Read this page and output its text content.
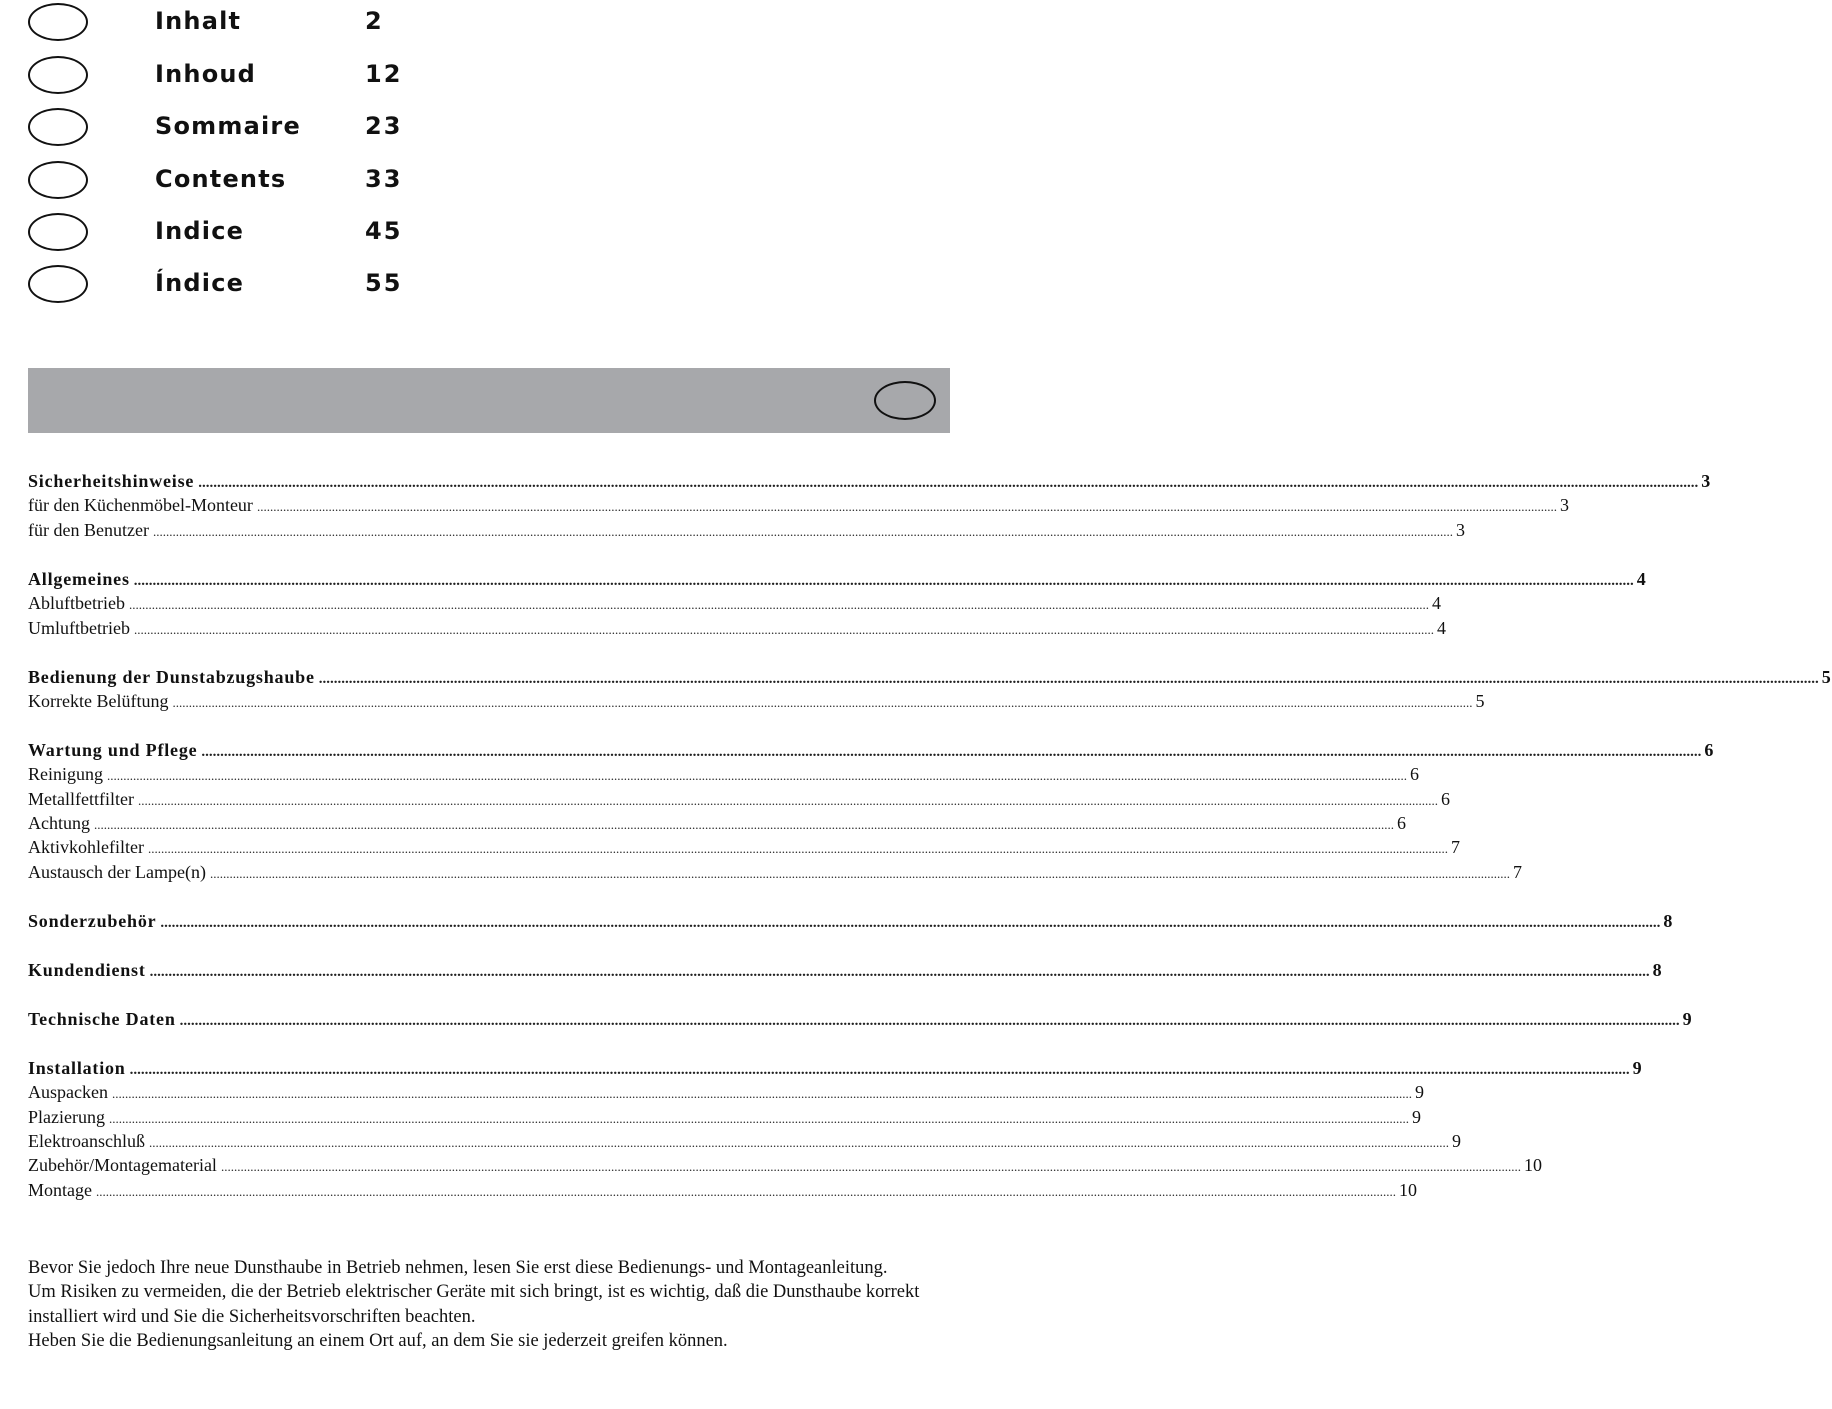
Inhalt	2
Inhoud	12
Sommaire	23
Contents	33
Indice	45
Índice	55
Sicherheitshinweise ................................................................................................................................................................................................................................................................................................................................................................................................................ 3
für den Küchenmöbel-Monteur ................................................................................................................................................................................................................................................................................................................................................................................................................ 3
für den Benutzer ................................................................................................................................................................................................................................................................................................................................................................................................................ 3
Allgemeines ................................................................................................................................................................................................................................................................................................................................................................................................................ 4
Abluftbetrieb ................................................................................................................................................................................................................................................................................................................................................................................................................ 4
Umluftbetrieb ................................................................................................................................................................................................................................................................................................................................................................................................................ 4
Bedienung der Dunstabzugshaube ................................................................................................................................................................................................................................................................................................................................................................................................................ 5
Korrekte Belüftung ................................................................................................................................................................................................................................................................................................................................................................................................................ 5
Wartung und Pflege ................................................................................................................................................................................................................................................................................................................................................................................................................ 6
Reinigung ................................................................................................................................................................................................................................................................................................................................................................................................................ 6
Metallfettfilter ................................................................................................................................................................................................................................................................................................................................................................................................................ 6
Achtung ................................................................................................................................................................................................................................................................................................................................................................................................................ 6
Aktivkohlefilter ................................................................................................................................................................................................................................................................................................................................................................................................................ 7
Austausch der Lampe(n) ................................................................................................................................................................................................................................................................................................................................................................................................................ 7
Sonderzubehör ................................................................................................................................................................................................................................................................................................................................................................................................................ 8
Kundendienst ................................................................................................................................................................................................................................................................................................................................................................................................................ 8
Technische Daten ................................................................................................................................................................................................................................................................................................................................................................................................................ 9
Installation ................................................................................................................................................................................................................................................................................................................................................................................................................ 9
Auspacken ................................................................................................................................................................................................................................................................................................................................................................................................................ 9
Plazierung ................................................................................................................................................................................................................................................................................................................................................................................................................ 9
Elektroanschluß ................................................................................................................................................................................................................................................................................................................................................................................................................ 9
Zubehör/Montagematerial ................................................................................................................................................................................................................................................................................................................................................................................................................ 10
Montage ................................................................................................................................................................................................................................................................................................................................................................................................................ 10

Bevor Sie jedoch Ihre neue Dunsthaube in Betrieb nehmen, lesen Sie erst diese Bedienungs- und Montageanleitung.

Um Risiken zu vermeiden, die der Betrieb elektrischer Geräte mit sich bringt, ist es wichtig, daß die Dunsthaube korrekt installiert wird und Sie die Sicherheitsvorschriften beachten.

Heben Sie die Bedienungsanleitung an einem Ort auf, an dem Sie sie jederzeit greifen können.
